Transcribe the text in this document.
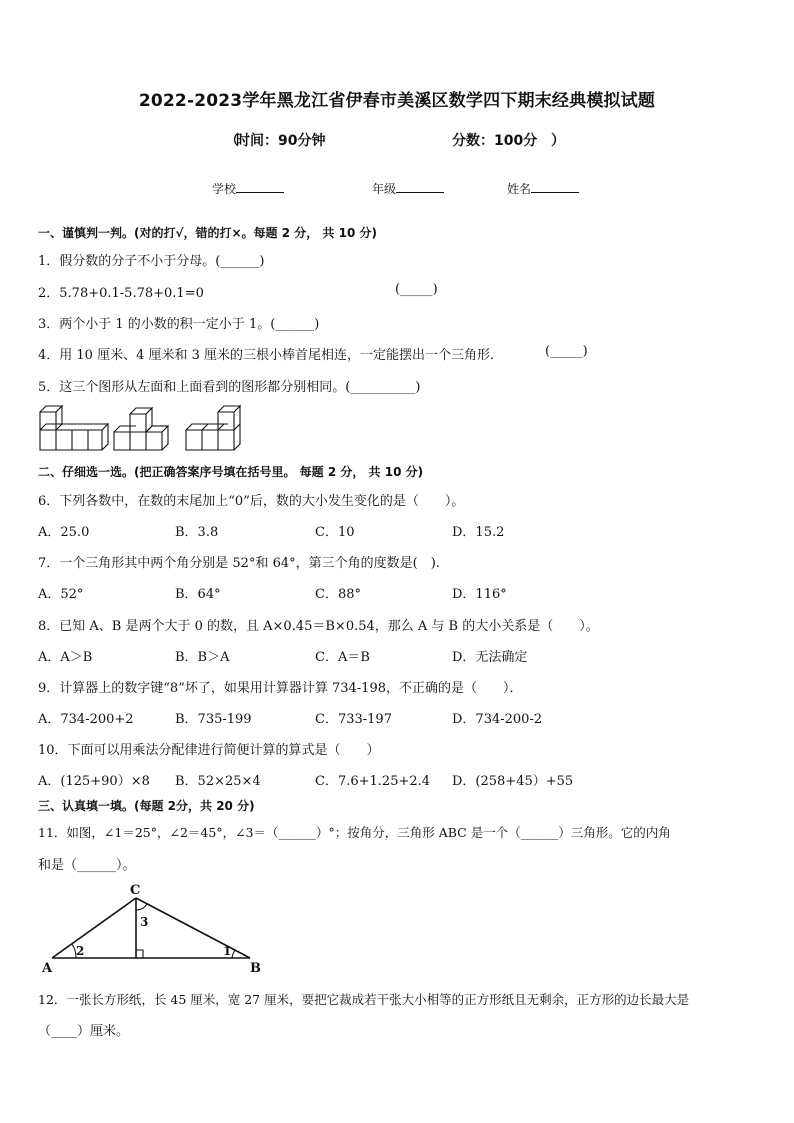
2022-2023学年黑龙江省伊春市美溪区数学四下期末经典模拟试题
（
时间：90分钟	分数：100分 ）
学校	年级	姓名
一、谨慎判一判。(对的打√，错的打×。每题 2 分， 共 10 分)
1．假分数的分子不小于分母。(______)
2．5.78+0.1-5.78+0.1=0	(_____)
3．两个小于 1 的小数的积一定小于 1。(______)
4．用 10 厘米、4 厘米和 3 厘米的三根小棒首尾相连，一定能摆出一个三角形．	(_____)
5．这三个图形从左面和上面看到的图形都分别相同。(__________)
二、仔细选一选。(把正确答案序号填在括号里。 每题 2 分， 共 10 分)
6．下列各数中，在数的末尾加上“0”后，数的大小发生变化的是（　　）。
A．25.0	B．3.8	C．10	D．15.2
7．一个三角形其中两个角分别是 52°和 64°，第三个角的度数是(　).
A．52°	B．64°	C．88°	D．116°
8．已知 A、B 是两个大于 0 的数，且 A×0.45＝B×0.54，那么 A 与 B 的大小关系是（　　）。
A．A＞B	B．B＞A	C．A＝B	D．无法确定
9．计算器上的数字键“8”坏了，如果用计算器计算 734-198，不正确的是（　　）．
A．734-200+2	B．735-199	C．733-197	D．734-200-2
10．下面可以用乘法分配律进行简便计算的算式是（　　）
A．(125+90）×8 B．52×25×4	C．7.6+1.25+2.4 D．(258+45）+55
三、认真填一填。(每题 2分，共 20 分)
11．如图，∠1＝25°，∠2＝45°，∠3＝（______）°；按角分，三角形 ABC 是一个（______）三角形。它的内角
和是（______）。
C
A	B
3
2	1
12．一张长方形纸，长 45 厘米，宽 27 厘米，要把它裁成若干张大小相等的正方形纸且无剩余，正方形的边长最大是
（____）厘米。
